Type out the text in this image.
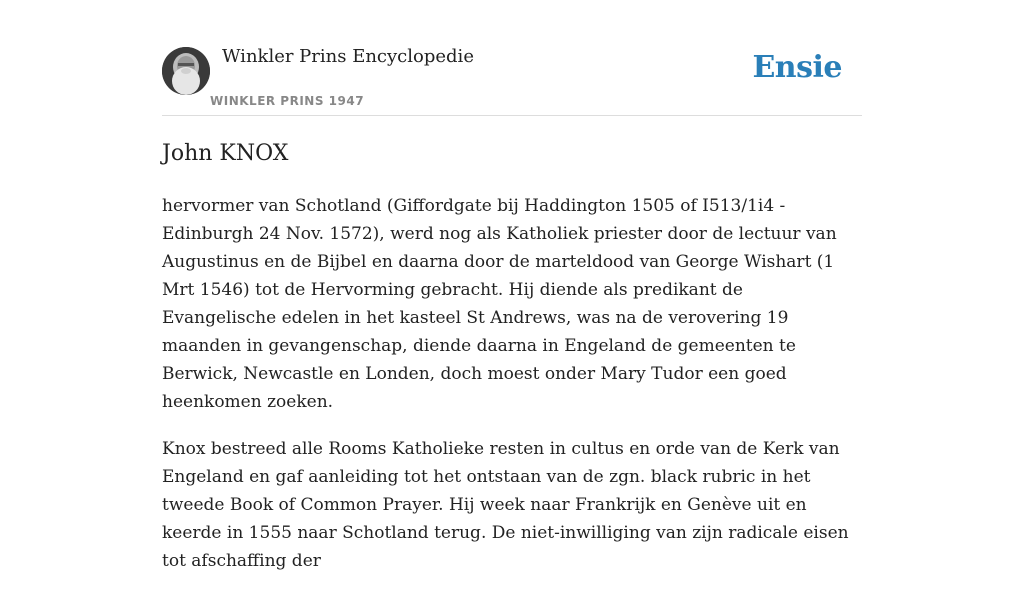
Winkler Prins Encyclopedie
WINKLER PRINS 1947
Ensie
John KNOX

hervormer van Schotland (Giffordgate bij Haddington 1505 of I513/1i4 - Edinburgh 24 Nov. 1572), werd nog als Katholiek priester door de lectuur van Augustinus en de Bijbel en daarna door de marteldood van George Wishart (1 Mrt 1546) tot de Hervorming gebracht. Hij diende als predikant de Evangelische edelen in het kasteel St Andrews, was na de verovering 19 maanden in gevangenschap, diende daarna in Engeland de gemeenten te Berwick, Newcastle en Londen, doch moest onder Mary Tudor een goed heenkomen zoeken.

Knox bestreed alle Rooms Katholieke resten in cultus en orde van de Kerk van Engeland en gaf aanleiding tot het ontstaan van de zgn. black rubric in het tweede Book of Common Prayer. Hij week naar Frankrijk en Genève uit en keerde in 1555 naar Schotland terug. De niet-inwilliging van zijn radicale eisen tot afschaffing der
